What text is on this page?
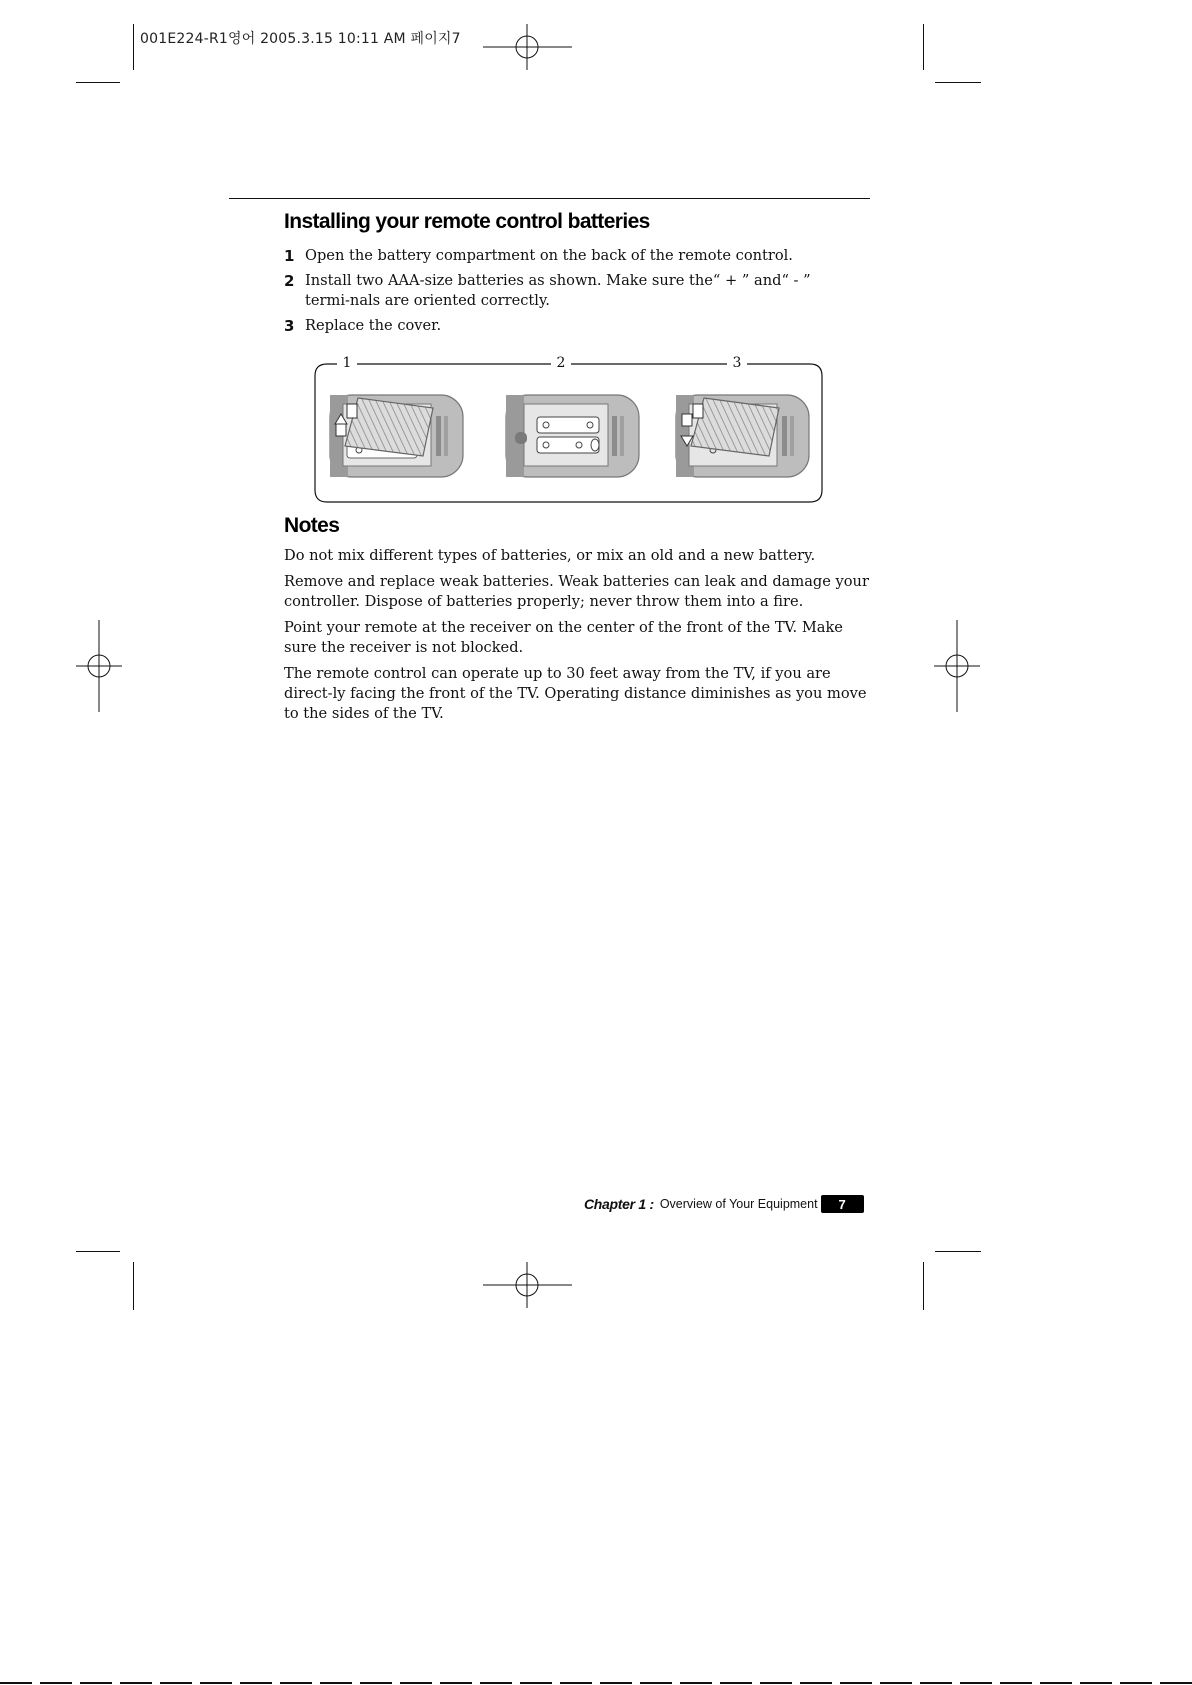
001E224-R1영어 2005.3.15 10:11 AM 페이지7
Installing your remote control batteries
1 Open the battery compartment on the back of the remote control.
2 Install two AAA-size batteries as shown. Make sure the“ + ” and“ - ” termi-nals are oriented correctly.
3 Replace the cover.
1	2	3
Notes

Do not mix different types of batteries, or mix an old and a new battery.

Remove and replace weak batteries. Weak batteries can leak and damage your controller. Dispose of batteries properly; never throw them into a fire.

Point your remote at the receiver on the center of the front of the TV. Make sure the receiver is not blocked.

The remote control can operate up to 30 feet away from the TV, if you are direct-ly facing the front of the TV. Operating distance diminishes as you move to the sides of the TV.

Chapter 1 : Overview of Your Equipment	7
